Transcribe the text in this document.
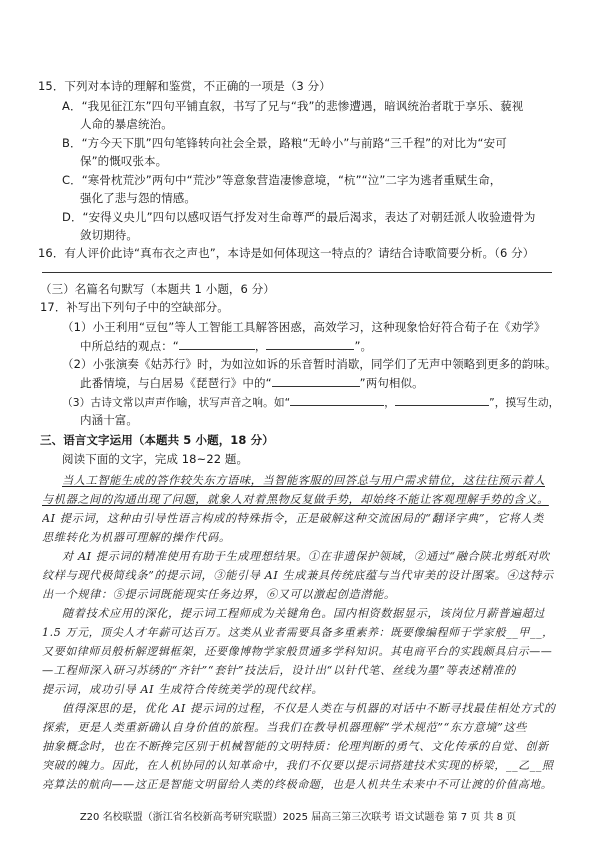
15．下列对本诗的理解和鉴赏，不正确的一项是（3 分）
A．“我见征江东”四句平铺直叙，书写了兄与“我”的悲惨遭遇，暗讽统治者耽于享乐、藐视
人命的暴虐统治。
B．“方今天下肌”四句笔锋转向社会全景，路粮“无岭小”与前路“三千程”的对比为“安可
保”的慨叹张本。
C．“寒骨枕荒沙”两句中“荒沙”等意象营造凄惨意境，“杭”“泣”二字为逃者重赋生命，
强化了悲与怨的情感。
D．“安得义央儿”四句以感叹语气抒发对生命尊严的最后渴求，表达了对朝廷派人收验遗骨为
敛切期待。
16．有人评价此诗“真布衣之声也”，本诗是如何体现这一特点的？请结合诗歌简要分析。（6 分）
（三）名篇名句默写（本题共 1 小题，6 分）
17．补写出下列句子中的空缺部分。
（1）小王利用“豆包”等人工智能工具解答困惑，高效学习，这种现象恰好符合荀子在《劝学》
中所总结的观点：“	，	”。
（2）小张演奏《姑苏行》时，为如泣如诉的乐音暂时消歇，同学们了无声中领略到更多的韵味。
此番情境，与白居易《琵琶行》中的“	”两句相似。
（3）古诗文常以声声作喻，状写声音之响。如“	，	”，摸写生动，
内涵十富。
三、语言文字运用（本题共 5 小题，18 分）
阅读下面的文字，完成 18~22 题。
当人工智能生成的答作较失东方语味，当智能客服的回答总与用户需求错位，这往往预示着人
与机器之间的沟通出现了问题，就象人对着黑物反复做手势，却始终不能让客观理解手势的含义。
AI 提示词，这种由引导性语言构成的特殊指令，正是破解这种交流困局的“翻译字典”，它将人类
思维转化为机器可理解的操作代码。
对 AI 提示词的精准使用有助于生成理想结果。①在非遗保护领域，②通过“融合陕北剪纸对吹
纹样与现代极简线条”的提示词，③能引导 AI 生成兼具传统底蕴与当代审美的设计图案。④这特示
出一个规律：⑤提示词既能现实任务边界，⑥又可以激起创造潜能。
随着技术应用的深化，提示词工程师成为关键角色。国内相资数据显示，该岗位月薪普遍超过
1.5 万元，顶尖人才年薪可达百万。这类从业者需要具备多重素养：既要像编程师于学家般__甲__，
又要如律师员般析解逻辑框架，还要像博物学家般贯通多学科知识。其电商平台的实践颇具启示——
—工程师深入研习苏绣的“齐针”“套针”技法后，设计出“以针代笔、丝线为墨”等表述精准的
提示词，成功引导 AI 生成符合传统美学的现代纹样。
值得深思的是，优化 AI 提示词的过程，不仅是人类在与机器的对话中不断寻找最佳相处方式的
探索，更是人类重新确认自身价值的旅程。当我们在教导机器理解“学术规范”“东方意境”这些
抽象概念时，也在不断搀完区别于机械智能的文明特质：伦理判断的勇气、文化传承的自觉、创新
突破的魄力。因此，在人机协同的认知革命中，我们不仅要以提示词搭建技术实现的桥梁，__乙__照
亮算法的航向——这正是智能文明留给人类的终极命题，也是人机共生未来中不可让渡的价值高地。
Z20 名校联盟（浙江省名校新高考研究联盟）2025 届高三第三次联考 语文试题卷 第 7 页 共 8 页
